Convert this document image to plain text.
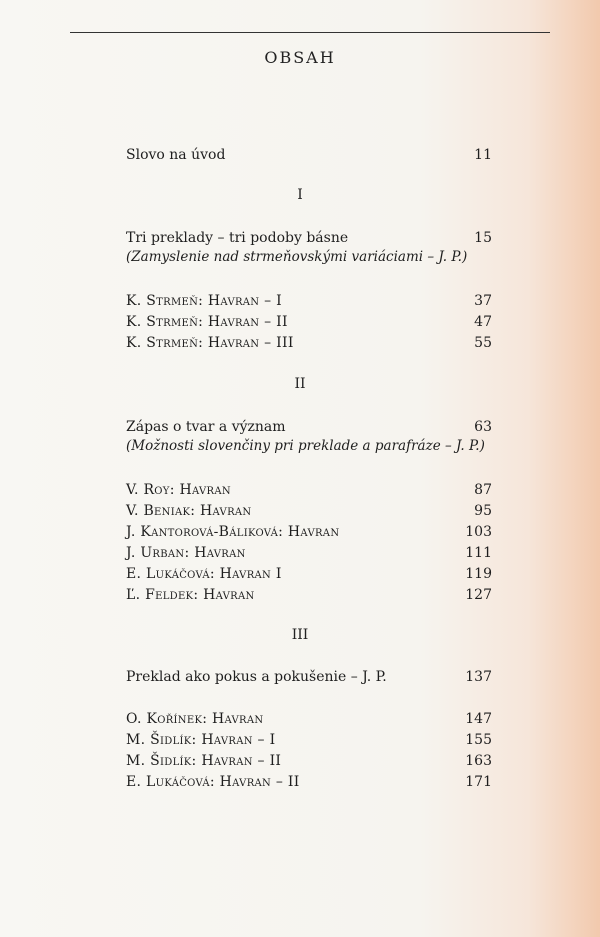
OBSAH
Slovo na úvod	11
I
Tri preklady – tri podoby básne	15
(Zamyslenie nad strmeňovskými variáciami – J. P.)
K. Strmeň: Havran – I	37
K. Strmeň: Havran – II	47
K. Strmeň: Havran – III	55
II
Zápas o tvar a význam	63
(Možnosti slovenčiny pri preklade a parafráze – J. P.)
V. Roy: Havran	87
V. Beniak: Havran	95
J. Kantorová-Báliková: Havran	103
J. Urban: Havran	111
E. Lukáčová: Havran I	119
Ľ. Feldek: Havran	127
III
Preklad ako pokus a pokušenie – J. P.	137
O. Kořínek: Havran	147
M. Šidlík: Havran – I	155
M. Šidlík: Havran – II	163
E. Lukáčová: Havran – II	171
